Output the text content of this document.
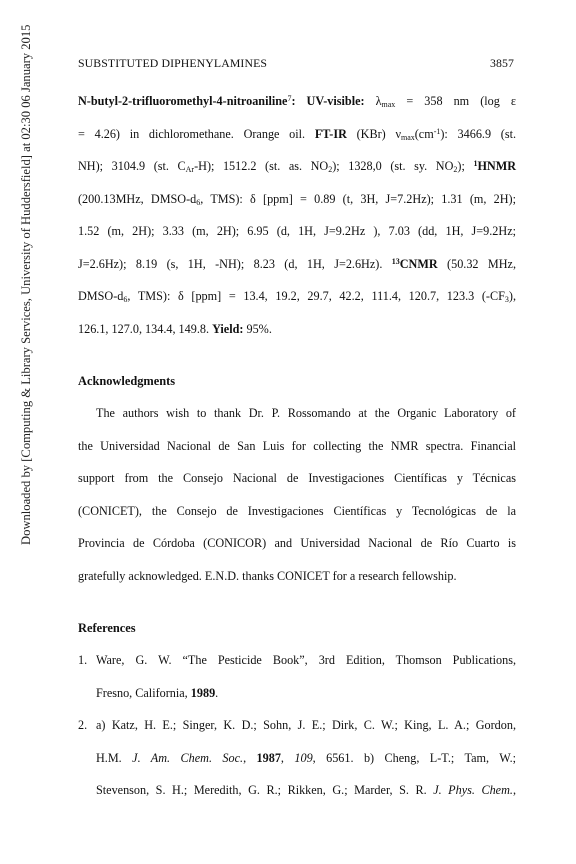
Downloaded by [Computing & Library Services, University of Huddersfield] at 02:30 06 January 2015	SUBSTITUTED DIPHENYLAMINES	3857
N-butyl-2-trifluoromethyl-4-nitroaniline$^7$: UV-visible: $\lambda_{max} = 358$ nm (log ε
= 4.26) in dichloromethane. Orange oil. FT-IR (KBr) $\nu_{max}(cm^{-1})$: 3466.9 (st.
NH); 3104.9 (st. $C_{Ar}-H$); 1512.2 (st. as. $NO_2$); 1328,0 (st. sy. $NO_2$); $^1$HNMR
(200.13MHz, DMSO-$d_6$, TMS): δ [ppm] = 0.89 (t, 3H, J=7.2Hz); 1.31 (m, 2H);
1.52 (m, 2H); 3.33 (m, 2H); 6.95 (d, 1H, J=9.2Hz ), 7.03 (dd, 1H, J=9.2Hz;
J=2.6Hz); 8.19 (s, 1H, -NH); 8.23 (d, 1H, J=2.6Hz). $^{13}$CNMR (50.32 MHz,
DMSO-$d_6$, TMS): δ [ppm] = 13.4, 19.2, 29.7, 42.2, 111.4, 120.7, 123.3 $(-CF_3)$,
126.1, 127.0, 134.4, 149.8. Yield: 95%.
Acknowledgments
The authors wish to thank Dr. P. Rossomando at the Organic Laboratory of
the Universidad Nacional de San Luis for collecting the NMR spectra. Financial
support from the Consejo Nacional de Investigaciones Científicas y Técnicas
(CONICET), the Consejo de Investigaciones Científicas y Tecnológicas de la
Provincia de Córdoba (CONICOR) and Universidad Nacional de Río Cuarto is
gratefully acknowledged. E.N.D. thanks CONICET for a research fellowship.
References
1. Ware, G. W. “The Pesticide Book”, 3rd Edition, Thomson Publications,
Fresno, California, 1989.
2. a) Katz, H. E.; Singer, K. D.; Sohn, J. E.; Dirk, C. W.; King, L. A.; Gordon,
H.M. J. Am. Chem. Soc., 1987, 109, 6561. b) Cheng, L-T.; Tam, W.;
Stevenson, S. H.; Meredith, G. R.; Rikken, G.; Marder, S. R. J. Phys. Chem.,
